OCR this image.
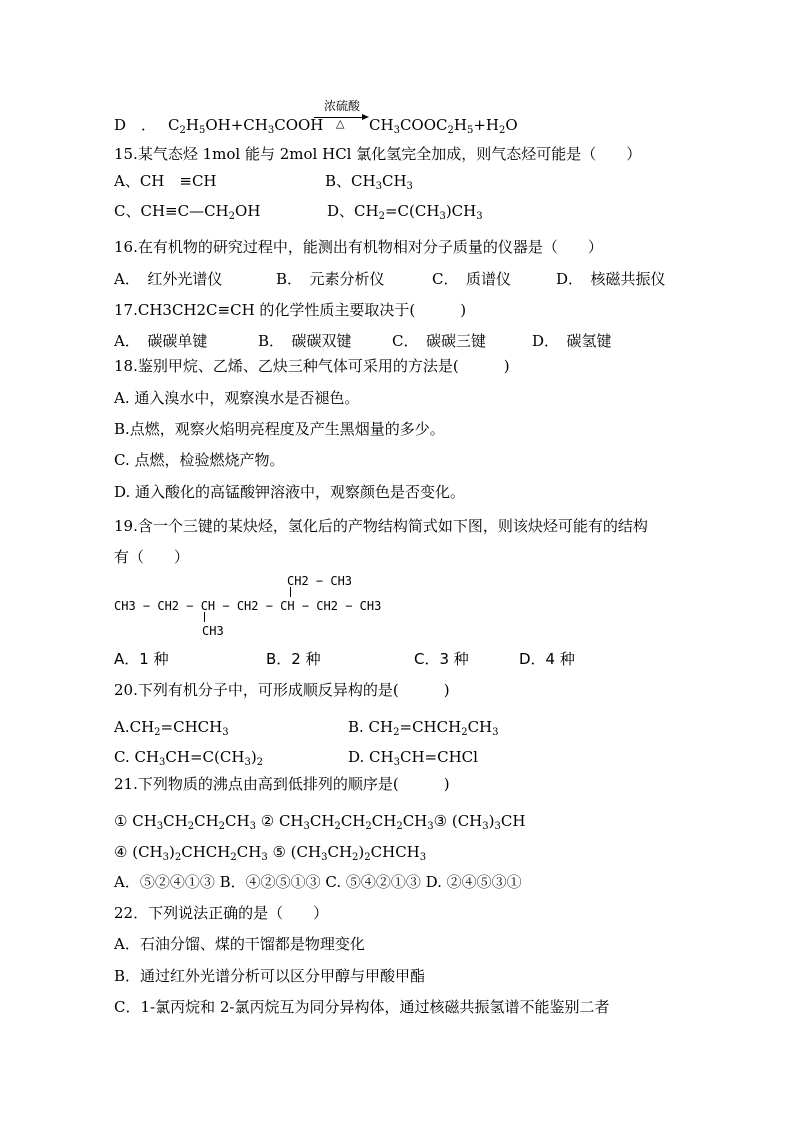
D　． $C_2H_5OH+CH_3COOH$
浓硫酸
△ $CH_3COOC_2H_5+H_2O$
15.某气态烃 1mol 能与 2mol HCl 氯化氢完全加成，则气态烃可能是（　　）
A、CH　≡CH	B、$CH_3CH_3$
C、$CH\equiv C—CH_2OH$	D、$CH_2=C(CH_3)CH_3$
16.在有机物的研究过程中，能测出有机物相对分子质量的仪器是（　　）
A．　红外光谱仪	B．　元素分析仪	C．　质谱仪	D．　核磁共振仪
17.CH3CH2C≡CH 的化学性质主要取决于(　　　)
A．　碳碳单键	B．　碳碳双键	C．　碳碳三键	D．　碳氢键
18.鉴别甲烷、乙烯、乙炔三种气体可采用的方法是(　　　)
A. 通入溴水中，观察溴水是否褪色。
B.点燃，观察火焰明亮程度及产生黑烟量的多少。
C. 点燃，检验燃烧产物。
D. 通入酸化的高锰酸钾溶液中，观察颜色是否变化。
19.含一个三键的某炔烃，氢化后的产物结构简式如下图，则该炔烃可能有的结构
有（　　）
CH2 − CH3
CH3 − CH2 − CH − CH2 − CH − CH2 − CH3
CH3
A．1 种	B．2 种	C．3 种	D．4 种
20.下列有机分子中，可形成顺反异构的是(　　　)
$A.CH_2=CHCH_3$	B. $CH_2=CHCH_2CH_3$
C. $CH_3CH=C(CH_3)_2$	D. $CH_3CH=CHCl$
21.下列物质的沸点由高到低排列的顺序是(　　　)
① $CH_3CH_2CH_2CH_3$ ② $CH_3CH_2CH_2CH_2CH_3③$ $(CH_3)_3CH$
④ $(CH_3)_2CHCH_2CH_3$ ⑤ $(CH_3CH_2)_2CHCH_3$
A．⑤②④①③ B．④②⑤①③ C. ⑤④②①③ D. ②④⑤③①
22．下列说法正确的是（　　）
A．石油分馏、煤的干馏都是物理变化
B．通过红外光谱分析可以区分甲醇与甲酸甲酯
C．1-氯丙烷和 2-氯丙烷互为同分异构体，通过核磁共振氢谱不能鉴别二者
